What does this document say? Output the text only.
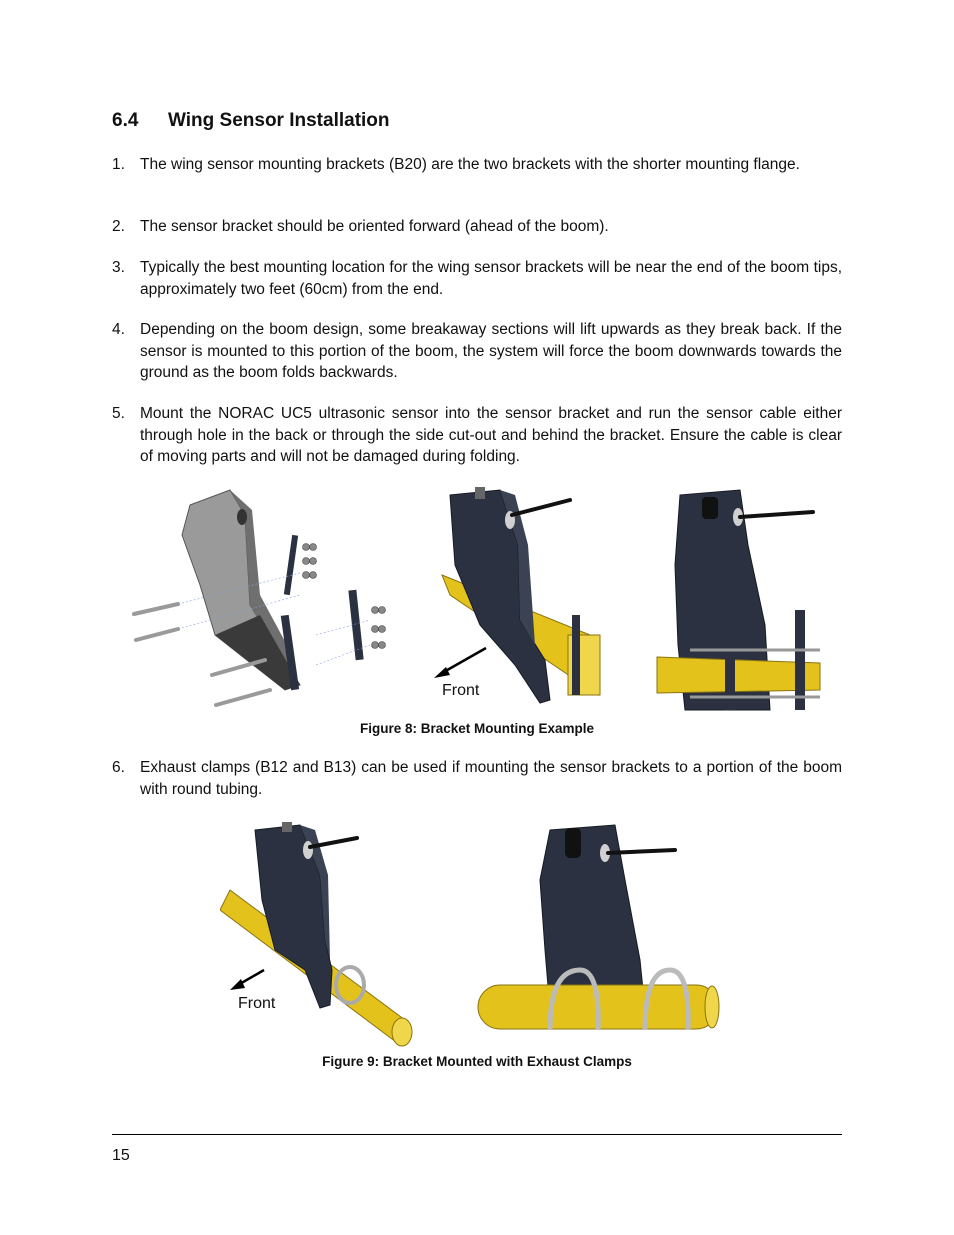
6.4 Wing Sensor Installation
1. The wing sensor mounting brackets (B20) are the two brackets with the shorter mounting flange.
2. The sensor bracket should be oriented forward (ahead of the boom).
3. Typically the best mounting location for the wing sensor brackets will be near the end of the boom tips, approximately two feet (60cm) from the end.
4. Depending on the boom design, some breakaway sections will lift upwards as they break back. If the sensor is mounted to this portion of the boom, the system will force the boom downwards towards the ground as the boom folds backwards.
5. Mount the NORAC UC5 ultrasonic sensor into the sensor bracket and run the sensor cable either through hole in the back or through the side cut-out and behind the bracket. Ensure the cable is clear of moving parts and will not be damaged during folding.
Front
Figure 8: Bracket Mounting Example
6. Exhaust clamps (B12 and B13) can be used if mounting the sensor brackets to a portion of the boom with round tubing.
Front
Figure 9: Bracket Mounted with Exhaust Clamps
15
